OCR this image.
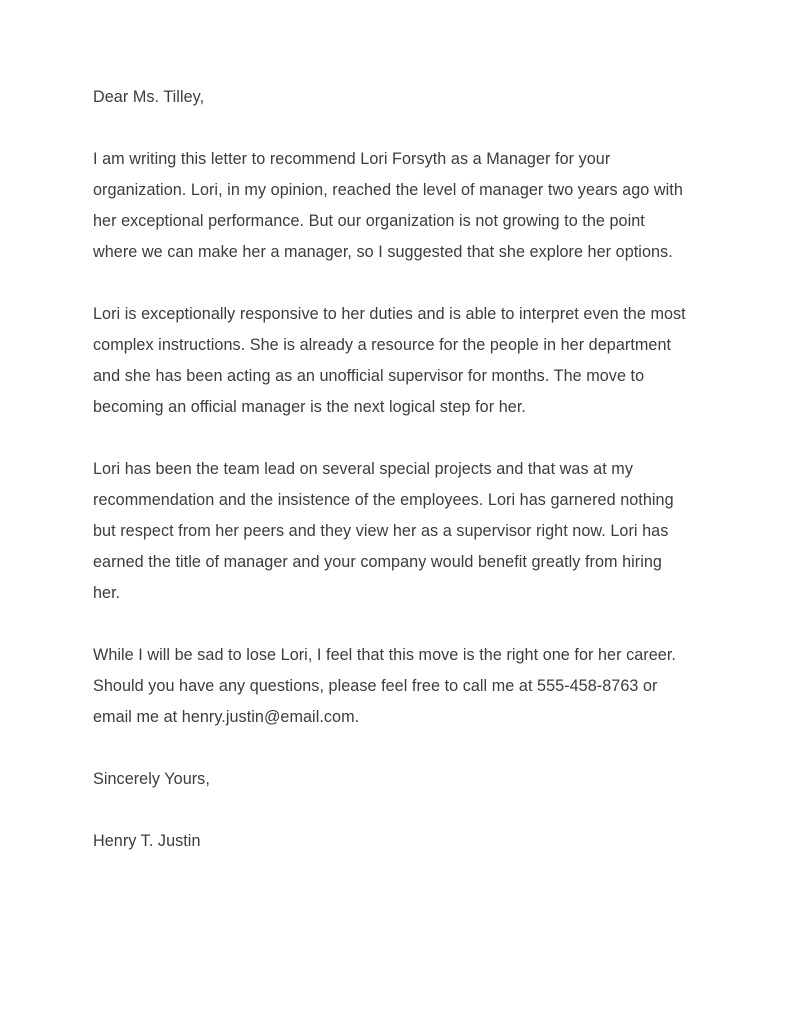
Dear Ms. Tilley,

I am writing this letter to recommend Lori Forsyth as a Manager for your organization. Lori, in my opinion, reached the level of manager two years ago with her exceptional performance. But our organization is not growing to the point where we can make her a manager, so I suggested that she explore her options.

Lori is exceptionally responsive to her duties and is able to interpret even the most complex instructions. She is already a resource for the people in her department and she has been acting as an unofficial supervisor for months. The move to becoming an official manager is the next logical step for her.

Lori has been the team lead on several special projects and that was at my recommendation and the insistence of the employees. Lori has garnered nothing but respect from her peers and they view her as a supervisor right now. Lori has earned the title of manager and your company would benefit greatly from hiring her.

While I will be sad to lose Lori, I feel that this move is the right one for her career. Should you have any questions, please feel free to call me at 555-458-8763 or email me at henry.justin@email.com.

Sincerely Yours,

Henry T. Justin
